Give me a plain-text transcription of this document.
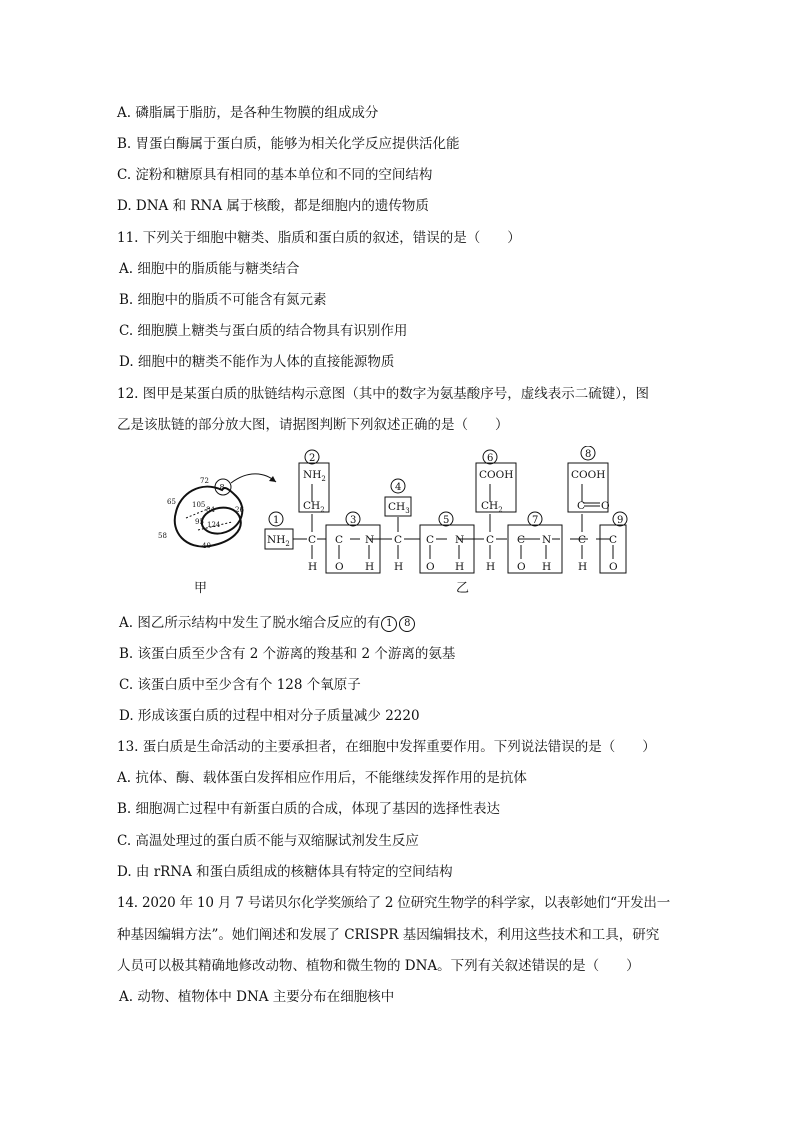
A. 磷脂属于脂肪，是各种生物膜的组成成分
B. 胃蛋白酶属于蛋白质，能够为相关化学反应提供活化能
C. 淀粉和糖原具有相同的基本单位和不同的空间结构
D. DNA 和 RNA 属于核酸，都是细胞内的遗传物质
11. 下列关于细胞中糖类、脂质和蛋白质的叙述，错误的是（　　）
A. 细胞中的脂质能与糖类结合
B. 细胞中的脂质不可能含有氮元素
C. 细胞膜上糖类与蛋白质的结合物具有识别作用
D. 细胞中的糖类不能作为人体的直接能源物质
12. 图甲是某蛋白质的肽链结构示意图（其中的数字为氨基酸序号，虚线表示二硫键），图
乙是该肽链的部分放大图，请据图判断下列叙述正确的是（　　）
8
72
65 105
84
95 124
26
58
40
甲
1
2
3
4
5
6
7
8
9
$NH_2$
$NH_2$
$CH_2$	$CH_3$
COOH
$CH_2$
COOH
C O
C
H
C
O
N
H
C
H
C
O
N
H
C
H
C
O
N
H
C
H
C
O
乙
A. 图乙所示结构中发生了脱水缩合反应的有 1 8
B. 该蛋白质至少含有 2 个游离的羧基和 2 个游离的氨基
C. 该蛋白质中至少含有个 128 个氧原子
D. 形成该蛋白质的过程中相对分子质量减少 2220
13. 蛋白质是生命活动的主要承担者，在细胞中发挥重要作用。下列说法错误的是（　　）
A. 抗体、酶、载体蛋白发挥相应作用后，不能继续发挥作用的是抗体
B. 细胞凋亡过程中有新蛋白质的合成，体现了基因的选择性表达
C. 高温处理过的蛋白质不能与双缩脲试剂发生反应
D. 由 rRNA 和蛋白质组成的核糖体具有特定的空间结构
14. 2020 年 10 月 7 号诺贝尔化学奖颁给了 2 位研究生物学的科学家，以表彰她们“开发出一
种基因编辑方法”。她们阐述和发展了 CRISPR 基因编辑技术，利用这些技术和工具，研究
人员可以极其精确地修改动物、植物和微生物的 DNA。下列有关叙述错误的是（　　）
A. 动物、植物体中 DNA 主要分布在细胞核中
